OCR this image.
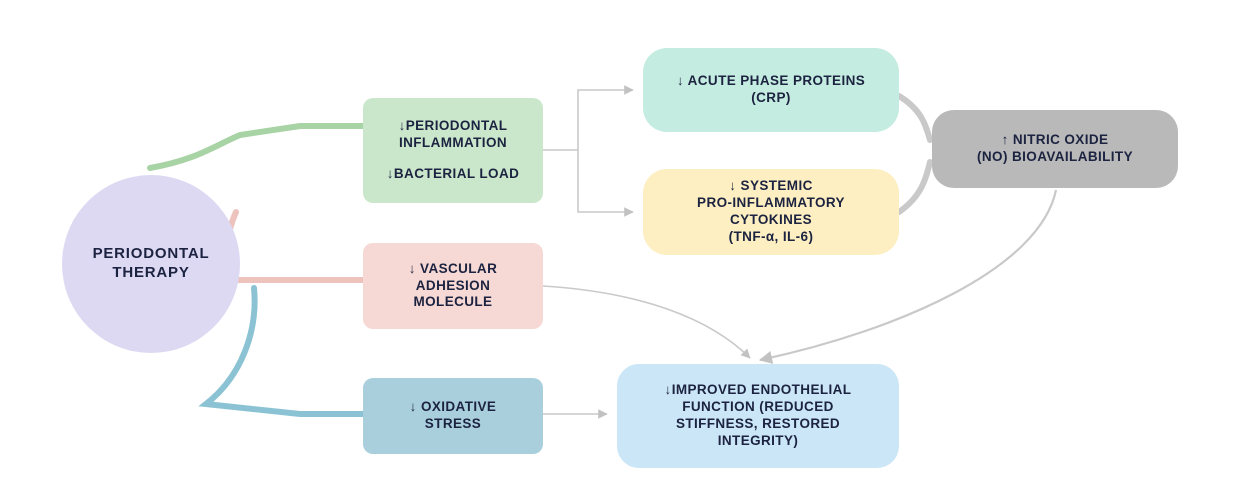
PERIODONTAL
THERAPY
↓PERIODONTAL
INFLAMMATION
↓BACTERIAL LOAD
↓ ACUTE PHASE PROTEINS
(CRP)
↓ SYSTEMIC
PRO-INFLAMMATORY
CYTOKINES
(TNF-α, IL-6)
↑ NITRIC OXIDE
(NO) BIOAVAILABILITY
↓ VASCULAR
ADHESION
MOLECULE
↓ OXIDATIVE
STRESS
↓IMPROVED ENDOTHELIAL
FUNCTION (REDUCED
STIFFNESS, RESTORED
INTEGRITY)
